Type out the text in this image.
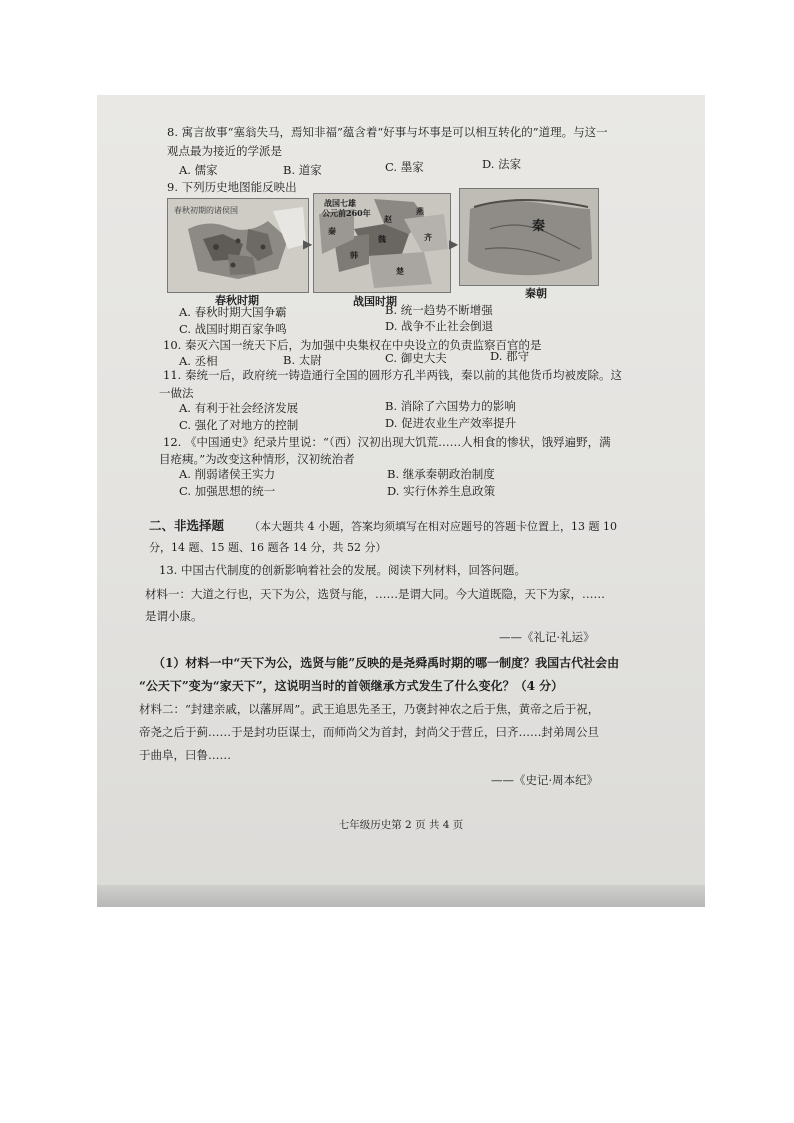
8. 寓言故事“塞翁失马，焉知非福”蕴含着“好事与坏事是可以相互转化的”道理。与这一
观点最为接近的学派是
A. 儒家	B. 道家	C. 墨家	D. 法家
9. 下列历史地图能反映出
春秋初期的诸侯国
春秋时期
▶
战国七雄
公元前260年
赵
燕
魏	齐
韩
楚
秦
战国时期
▶
秦
秦朝
A. 春秋时期大国争霸	B. 统一趋势不断增强
C. 战国时期百家争鸣	D. 战争不止社会倒退
10. 秦灭六国一统天下后，为加强中央集权在中央设立的负责监察百官的是
A. 丞相	B. 太尉	C. 御史大夫	D. 郡守
11. 秦统一后，政府统一铸造通行全国的圆形方孔半两钱，秦以前的其他货币均被废除。这
一做法
A. 有利于社会经济发展	B. 消除了六国势力的影响
C. 强化了对地方的控制	D. 促进农业生产效率提升
12. 《中国通史》纪录片里说：“（西）汉初出现大饥荒……人相食的惨状，饿殍遍野，满
目疮痍。”为改变这种情形，汉初统治者
A. 削弱诸侯王实力	B. 继承秦朝政治制度
C. 加强思想的统一	D. 实行休养生息政策
二、非选择题 （本大题共 4 小题，答案均须填写在相对应题号的答题卡位置上，13 题 10
分，14 题、15 题、16 题各 14 分，共 52 分）
13. 中国古代制度的创新影响着社会的发展。阅读下列材料，回答问题。
材料一：大道之行也，天下为公，选贤与能，……是谓大同。今大道既隐，天下为家，……
是谓小康。
——《礼记·礼运》
（1）材料一中“天下为公，选贤与能”反映的是尧舜禹时期的哪一制度？我国古代社会由
“公天下”变为“家天下”，这说明当时的首领继承方式发生了什么变化？（4 分）
材料二：“封建亲戚，以藩屏周”。武王追思先圣王，乃褒封神农之后于焦，黄帝之后于祝，
帝尧之后于蓟……于是封功臣谋士，而师尚父为首封，封尚父于营丘，曰齐……封弟周公旦
于曲阜，曰鲁……
——《史记·周本纪》
七年级历史第 2 页 共 4 页
